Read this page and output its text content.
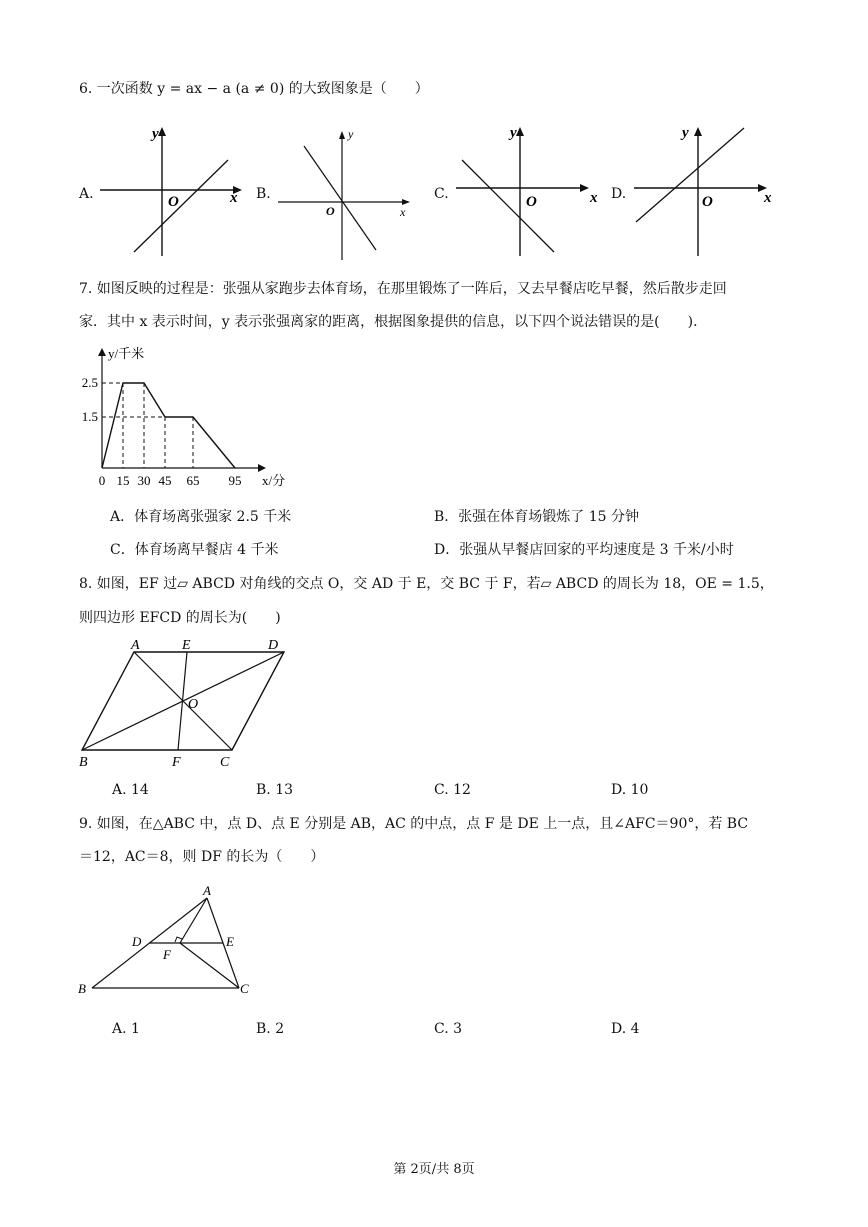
6. 一次函数 y = ax − a (a ≠ 0) 的大致图象是（　　）
A.
y
x
O	B.
y
x
O
C.
y
x
O	D.
y
x
O
7. 如图反映的过程是：张强从家跑步去体育场，在那里锻炼了一阵后，又去早餐店吃早餐，然后散步走回
家．其中 x 表示时间，y 表示张强离家的距离，根据图象提供的信息，以下四个说法错误的是(　　)．
0 15 30 45 65 95
2.5
1.5
y/千米
x/分
A．体育场离张强家 2.5 千米	B．张强在体育场锻炼了 15 分钟
C．体育场离早餐店 4 千米	D．张强从早餐店回家的平均速度是 3 千米/小时
8. 如图，EF 过▱ ABCD 对角线的交点 O，交 AD 于 E，交 BC 于 F，若▱ ABCD 的周长为 18，OE = 1.5，
则四边形 EFCD 的周长为(　　)
A	E	D
O
B	F	C
A. 14	B. 13	C. 12	D. 10
9. 如图，在△ABC 中，点 D、点 E 分别是 AB，AC 的中点，点 F 是 DE 上一点，且∠AFC＝90°，若 BC
＝12，AC＝8，则 DF 的长为（　　）
A
D	E
F
B	C
A. 1	B. 2	C. 3	D. 4
第 2页/共 8页
